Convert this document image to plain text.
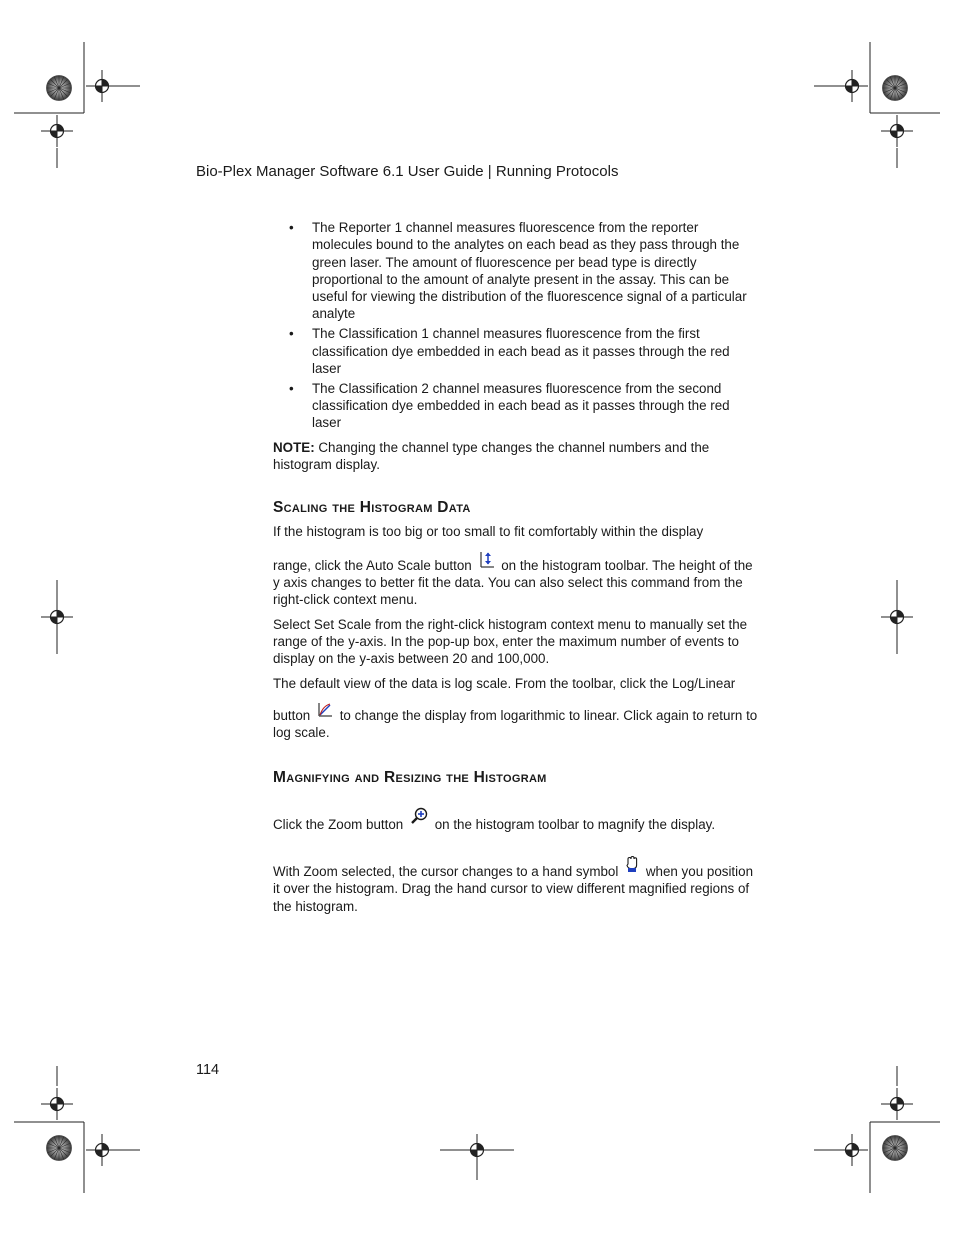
Bio-Plex Manager Software 6.1 User Guide | Running Protocols
• The Reporter 1 channel measures fluorescence from the reporter molecules bound to the analytes on each bead as they pass through the green laser. The amount of fluorescence per bead type is directly proportional to the amount of analyte present in the assay. This can be useful for viewing the distribution of the fluorescence signal of a particular analyte
• The Classification 1 channel measures fluorescence from the first classification dye embedded in each bead as it passes through the red laser
• The Classification 2 channel measures fluorescence from the second classification dye embedded in each bead as it passes through the red laser

NOTE: Changing the channel type changes the channel numbers and the histogram display.

Scaling the Histogram Data

If the histogram is too big or too small to fit comfortably within the display

range, click the Auto Scale button on the histogram toolbar. The height of the y axis changes to better fit the data. You can also select this command from the right-click context menu.

Select Set Scale from the right-click histogram context menu to manually set the range of the y-axis. In the pop-up box, enter the maximum number of events to display on the y-axis between 20 and 100,000.

The default view of the data is log scale. From the toolbar, click the Log/Linear

button to change the display from logarithmic to linear. Click again to return to log scale.

Magnifying and Resizing the Histogram

Click the Zoom button on the histogram toolbar to magnify the display.

With Zoom selected, the cursor changes to a hand symbol when you position it over the histogram. Drag the hand cursor to view different magnified regions of the histogram.

114
